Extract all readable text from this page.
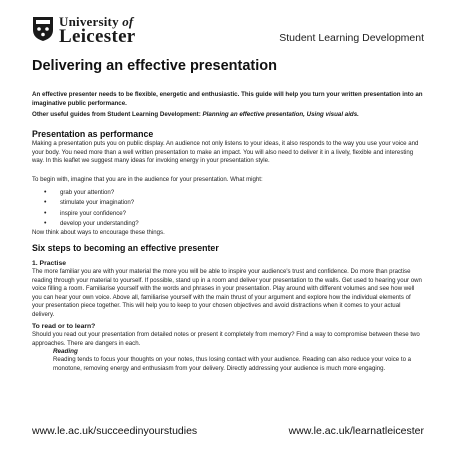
University of
Leicester	Student Learning Development
Delivering an effective presentation
An effective presenter needs to be flexible, energetic and enthusiastic. This guide will help you turn your written presentation into an imaginative public performance.
Other useful guides from Student Learning Development: Planning an effective presentation, Using visual aids.
Presentation as performance
Making a presentation puts you on public display. An audience not only listens to your ideas, it also responds to the way you use your voice and your body. You need more than a well written presentation to make an impact. You will also need to deliver it in a lively, flexible and interesting way. In this leaflet we suggest many ideas for invoking energy in your presentation style.
To begin with, imagine that you are in the audience for your presentation. What might:
• grab your attention?
• stimulate your imagination?
• inspire your confidence?
• develop your understanding?
Now think about ways to encourage these things.
Six steps to becoming an effective presenter
1. Practise
The more familiar you are with your material the more you will be able to inspire your audience's trust and confidence. Do more than practise reading through your material to yourself. If possible, stand up in a room and deliver your presentation to the walls. Get used to hearing your own voice filling a room. Familiarise yourself with the words and phrases in your presentation. Play around with different volumes and see how well you can hear your own voice. Above all, familiarise yourself with the main thrust of your argument and explore how the individual elements of your presentation piece together. This will help you to keep to your chosen objectives and avoid distractions when it comes to your actual delivery.
To read or to learn?
Should you read out your presentation from detailed notes or present it completely from memory? Find a way to compromise between these two approaches. There are dangers in each.
Reading
Reading tends to focus your thoughts on your notes, thus losing contact with your audience. Reading can also reduce your voice to a monotone, removing energy and enthusiasm from your delivery. Directly addressing your audience is much more engaging.
www.le.ac.uk/succeedinyourstudies	www.le.ac.uk/learnatleicester
